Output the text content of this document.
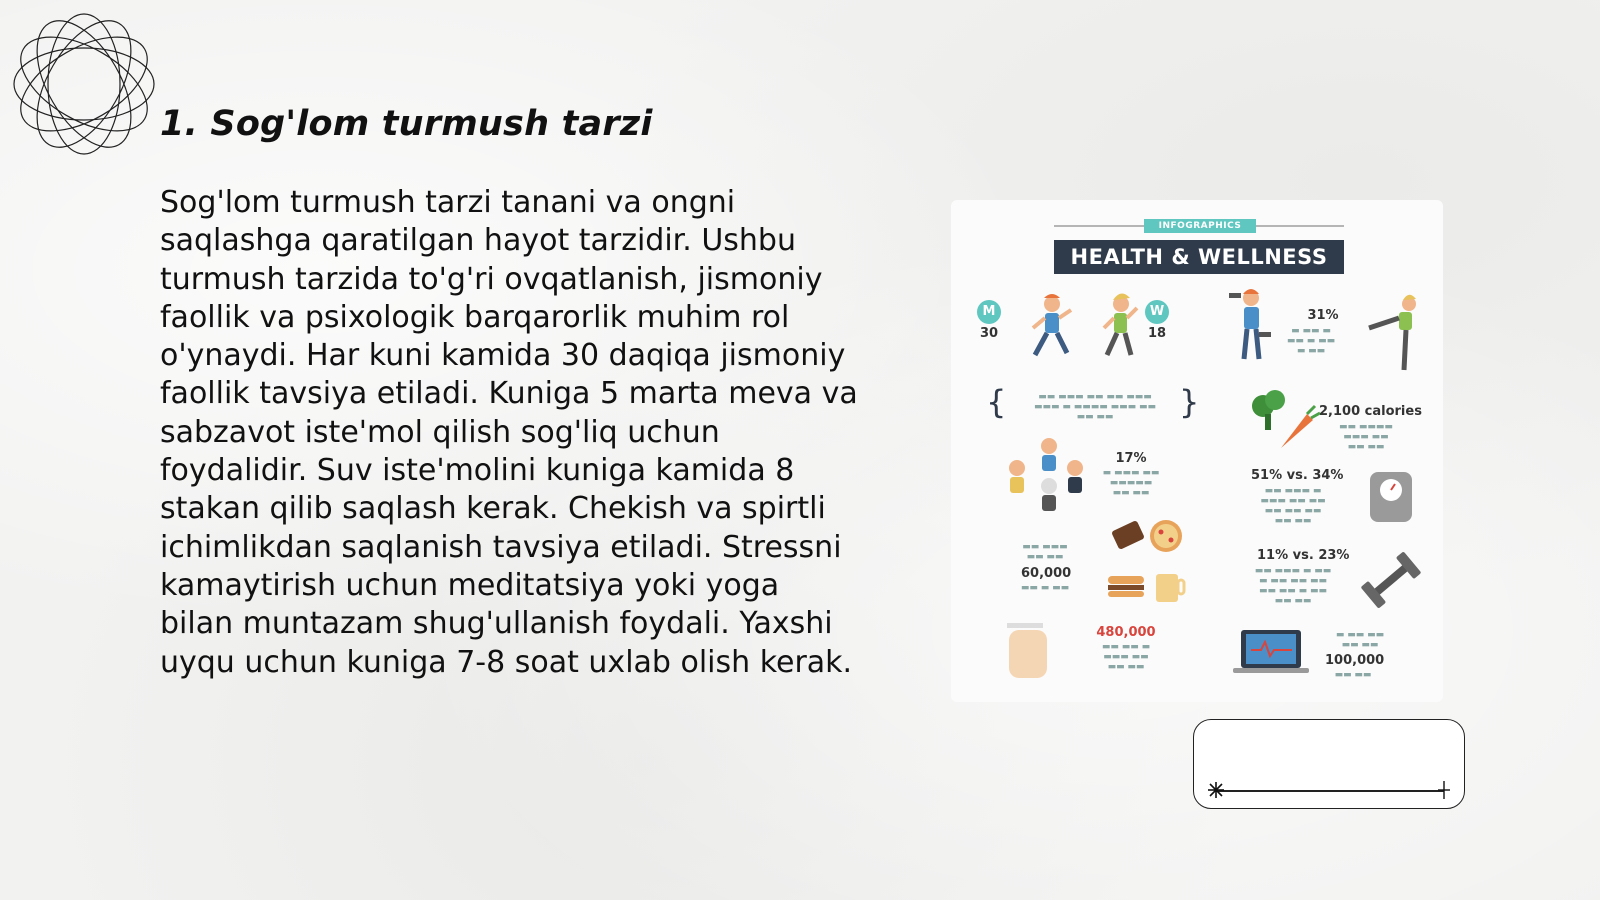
1. Sog'lom turmush tarzi

Sog'lom turmush tarzi tanani va ongni saqlashga qaratilgan hayot tarzidir. Ushbu turmush tarzida to'g'ri ovqatlanish, jismoniy faollik va psixologik barqarorlik muhim rol o'ynaydi. Har kuni kamida 30 daqiqa jismoniy faollik tavsiya etiladi. Kuniga 5 marta meva va sabzavot iste'mol qilish sog'liq uchun foydalidir. Suv iste'molini kuniga kamida 8 stakan qilib saqlash kerak. Chekish va spirtli ichimlikdan saqlanish tavsiya etiladi. Stressni kamaytirish uchun meditatsiya yoki yoga bilan muntazam shug'ullanish foydali. Yaxshi uyqu uchun kuniga 7-8 soat uxlab olish kerak.

INFOGRAPHICS
HEALTH & WELLNESS
M
30
W
18
31%
▬ ▬▬ ▬
▬▬ ▬ ▬▬
▬ ▬▬
{	▬▬ ▬▬▬ ▬▬ ▬▬ ▬▬▬
▬▬▬ ▬ ▬▬▬▬ ▬▬▬ ▬▬
▬▬ ▬▬	}	2,100 calories
▬▬ ▬▬▬▬
▬▬▬ ▬▬
▬▬ ▬▬
17%
▬ ▬▬▬ ▬▬
▬▬▬▬▬
▬▬ ▬▬
51% vs. 34%
▬▬ ▬▬▬ ▬
▬▬▬ ▬▬ ▬▬
▬▬ ▬▬ ▬▬
▬▬ ▬▬
▬▬ ▬▬▬
▬▬ ▬▬
60,000
▬▬ ▬ ▬▬
11% vs. 23%
▬▬ ▬▬▬ ▬ ▬▬
▬ ▬▬ ▬▬ ▬▬
▬▬ ▬▬ ▬ ▬▬
▬▬ ▬▬
480,000
▬▬ ▬▬ ▬
▬▬▬ ▬▬
▬▬ ▬▬
▬ ▬▬ ▬▬
▬▬ ▬▬
100,000
▬▬ ▬▬
